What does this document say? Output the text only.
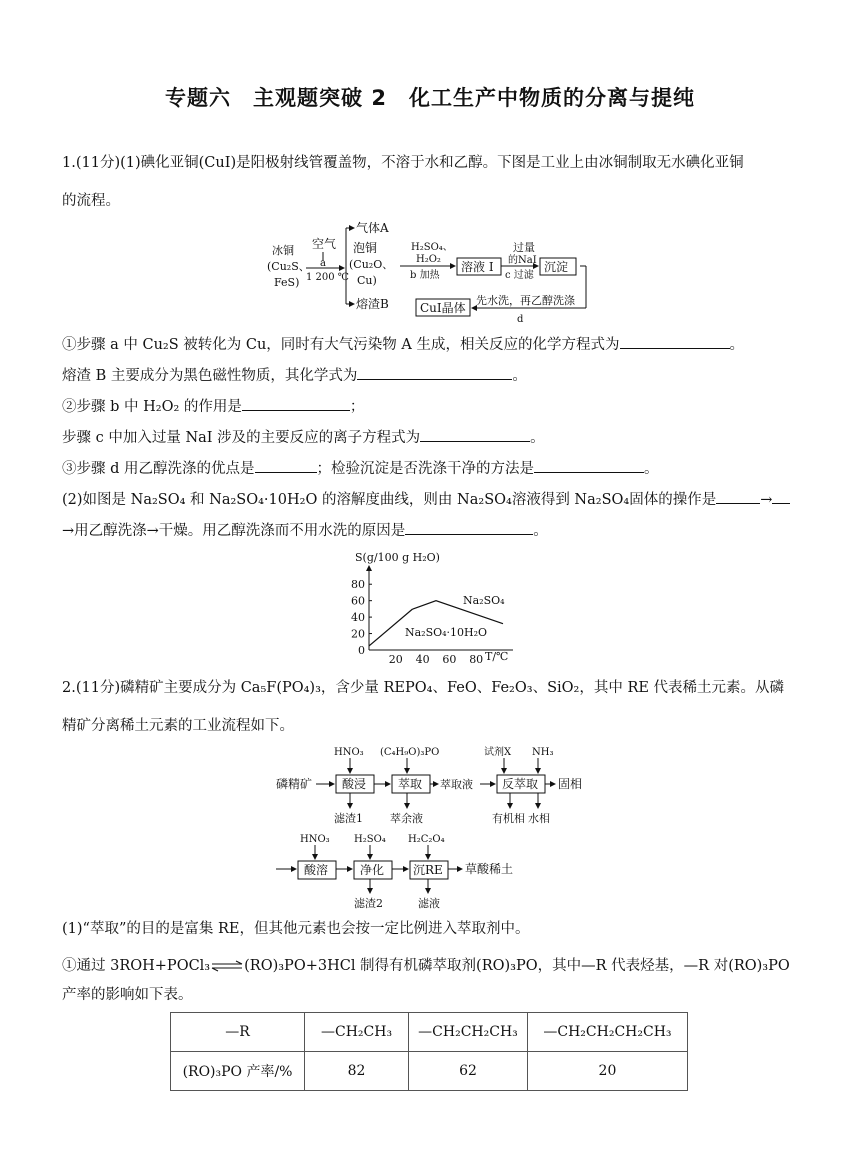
专题六　主观题突破 2　化工生产中物质的分离与提纯
1.(11分)(1)碘化亚铜(CuI)是阳极射线管覆盖物，不溶于水和乙醇。下图是工业上由冰铜制取无水碘化亚铜
的流程。
冰铜
(Cu₂S、
FeS)
空气
a
1 200 ℃
气体A
泡铜
(Cu₂O、
Cu)
熔渣B
H₂SO₄、
H₂O₂
b 加热
溶液 Ⅰ
过量
的NaI
c 过滤
沉淀
先水洗，再乙醇洗涤
d
CuI晶体
①步骤 a 中 Cu₂S 被转化为 Cu，同时有大气污染物 A 生成，相关反应的化学方程式为	。
熔渣 B 主要成分为黑色磁性物质，其化学式为	。
②步骤 b 中 H₂O₂ 的作用是	；
步骤 c 中加入过量 NaI 涉及的主要反应的离子方程式为	。
③步骤 d 用乙醇洗涤的优点是	；检验沉淀是否洗涤干净的方法是	。
(2)如图是 Na₂SO₄ 和 Na₂SO₄·10H₂O 的溶解度曲线，则由 Na₂SO₄溶液得到 Na₂SO₄固体的操作是	→
→用乙醇洗涤→干燥。用乙醇洗涤而不用水洗的原因是	。
S(g/100 g H₂O)
0
20
40
60
80
20 40 60 80
Na₂SO₄
Na₂SO₄·10H₂O
T/℃
2.(11分)磷精矿主要成分为 Ca₅F(PO₄)₃，含少量 REPO₄、FeO、Fe₂O₃、SiO₂，其中 RE 代表稀土元素。从磷
精矿分离稀土元素的工业流程如下。
磷精矿
HNO₃
酸浸
滤渣1
(C₄H₉O)₃PO
萃取
萃余液
萃取液
试剂X NH₃
反萃取
有机相 水相
固相
HNO₃
酸溶
H₂SO₄
净化
滤渣2
H₂C₂O₄
沉RE
滤液
草酸稀土
(1)“萃取”的目的是富集 RE，但其他元素也会按一定比例进入萃取剂中。
①通过 3ROH+POCl₃⇌(RO)₃PO+3HCl 制得有机磷萃取剂(RO)₃PO，其中—R 代表烃基，—R 对(RO)₃PO
产率的影响如下表。
—R	—CH₂CH₃	—CH₂CH₂CH₃	—CH₂CH₂CH₂CH₃
(RO)₃PO 产率/%	82	62	20
